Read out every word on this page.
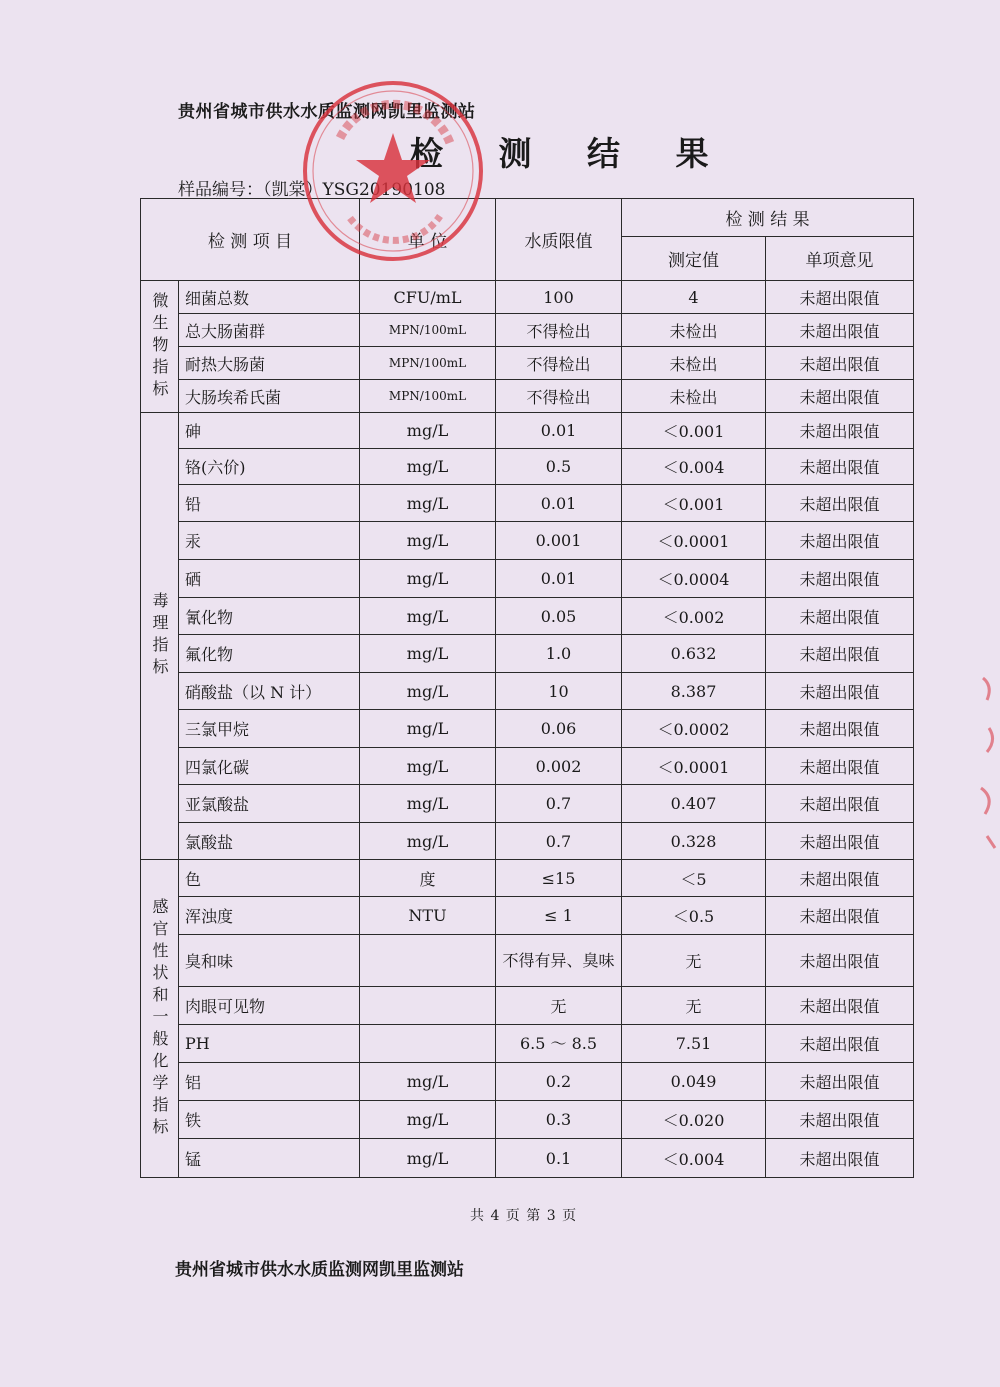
贵州省城市供水水质监测网凯里监测站
检 测 结 果
样品编号：（凯棠）YSG20190108
检 测 项 目		单 位	水质限值	检 测 结 果	
				测定值	单项意见
微生物指标	细菌总数	CFU/mL	100	4	未超出限值
	总大肠菌群	MPN/100mL	不得检出	未检出	未超出限值
	耐热大肠菌	MPN/100mL	不得检出	未检出	未超出限值
	大肠埃希氏菌	MPN/100mL	不得检出	未检出	未超出限值
毒理指标	砷	mg/L	0.01	＜0.001	未超出限值
	铬(六价)	mg/L	0.5	＜0.004	未超出限值
	铅	mg/L	0.01	＜0.001	未超出限值
	汞	mg/L	0.001	＜0.0001	未超出限值
	硒	mg/L	0.01	＜0.0004	未超出限值
	氰化物	mg/L	0.05	＜0.002	未超出限值
	氟化物	mg/L	1.0	0.632	未超出限值
	硝酸盐（以 N 计）	mg/L	10	8.387	未超出限值
	三氯甲烷	mg/L	0.06	＜0.0002	未超出限值
	四氯化碳	mg/L	0.002	＜0.0001	未超出限值
	亚氯酸盐	mg/L	0.7	0.407	未超出限值
	氯酸盐	mg/L	0.7	0.328	未超出限值
感官性状和一般化学指标	色	度	≤15	＜5	未超出限值
	浑浊度	NTU	≤ 1	＜0.5	未超出限值
	臭和味		不得有异、臭味	无	未超出限值
	肉眼可见物		无	无	未超出限值
	PH		6.5 ～ 8.5	7.51	未超出限值
	铝	mg/L	0.2	0.049	未超出限值
	铁	mg/L	0.3	＜0.020	未超出限值
	锰	mg/L	0.1	＜0.004	未超出限值
共 4 页 第 3 页
贵州省城市供水水质监测网凯里监测站
